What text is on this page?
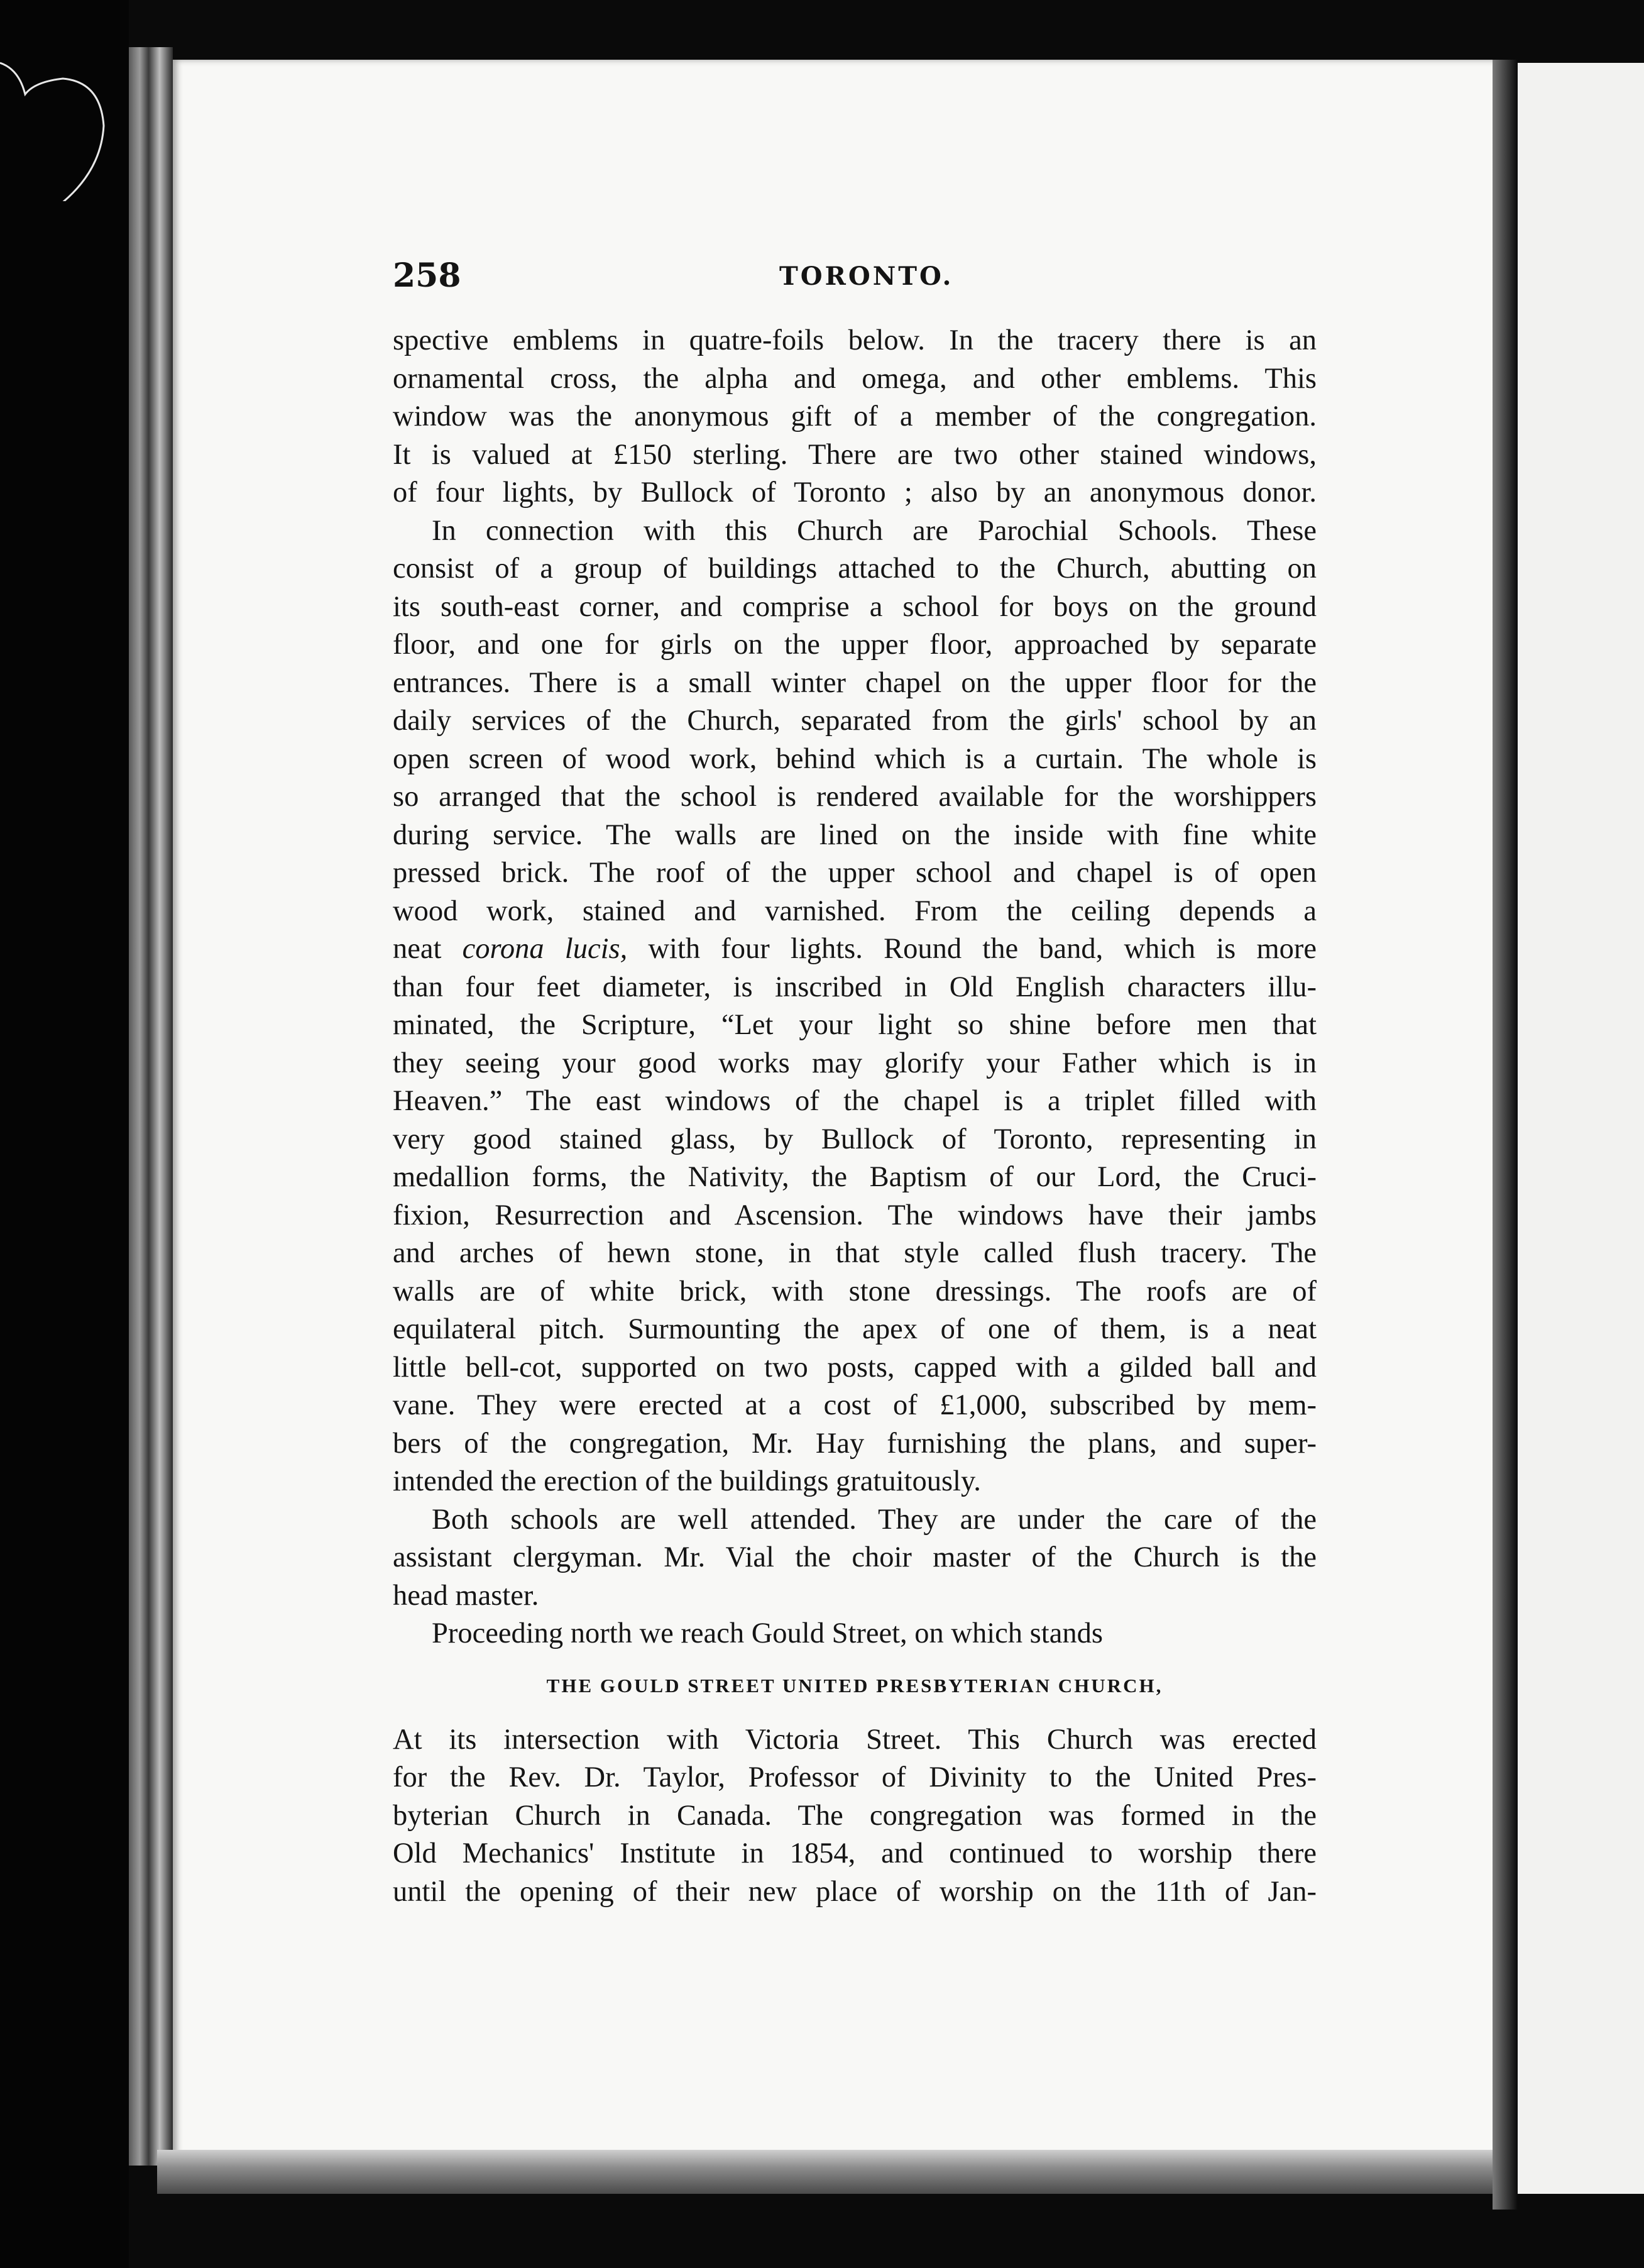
258	TORONTO.

spective emblems in quatre-foils below. In the tracery there is an
ornamental cross, the alpha and omega, and other emblems. This
window was the anonymous gift of a member of the congregation.
It is valued at £150 sterling. There are two other stained windows,
of four lights, by Bullock of Toronto ; also by an anonymous donor.

In connection with this Church are Parochial Schools. These
consist of a group of buildings attached to the Church, abutting on
its south-east corner, and comprise a school for boys on the ground
floor, and one for girls on the upper floor, approached by separate
entrances. There is a small winter chapel on the upper floor for the
daily services of the Church, separated from the girls' school by an
open screen of wood work, behind which is a curtain. The whole is
so arranged that the school is rendered available for the worshippers
during service. The walls are lined on the inside with fine white
pressed brick. The roof of the upper school and chapel is of open
wood work, stained and varnished. From the ceiling depends a
neat corona lucis, with four lights. Round the band, which is more
than four feet diameter, is inscribed in Old English characters illu-
minated, the Scripture, “Let your light so shine before men that
they seeing your good works may glorify your Father which is in
Heaven.” The east windows of the chapel is a triplet filled with
very good stained glass, by Bullock of Toronto, representing in
medallion forms, the Nativity, the Baptism of our Lord, the Cruci-
fixion, Resurrection and Ascension. The windows have their jambs
and arches of hewn stone, in that style called flush tracery. The
walls are of white brick, with stone dressings. The roofs are of
equilateral pitch. Surmounting the apex of one of them, is a neat
little bell-cot, supported on two posts, capped with a gilded ball and
vane. They were erected at a cost of £1,000, subscribed by mem-
bers of the congregation, Mr. Hay furnishing the plans, and super-
intended the erection of the buildings gratuitously.

Both schools are well attended. They are under the care of the
assistant clergyman. Mr. Vial the choir master of the Church is the
head master.

Proceeding north we reach Gould Street, on which stands

THE GOULD STREET UNITED PRESBYTERIAN CHURCH,

At its intersection with Victoria Street. This Church was erected
for the Rev. Dr. Taylor, Professor of Divinity to the United Pres-
byterian Church in Canada. The congregation was formed in the
Old Mechanics' Institute in 1854, and continued to worship there
until the opening of their new place of worship on the 11th of Jan-
